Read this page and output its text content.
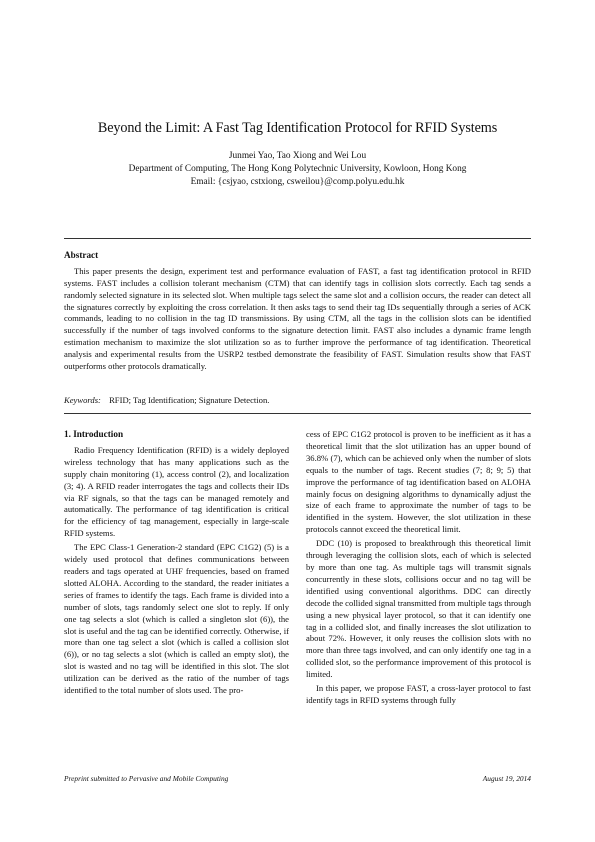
Beyond the Limit: A Fast Tag Identification Protocol for RFID Systems
Junmei Yao, Tao Xiong and Wei Lou
Department of Computing, The Hong Kong Polytechnic University, Kowloon, Hong Kong
Email: {csjyao, cstxiong, csweilou}@comp.polyu.edu.hk
Abstract
This paper presents the design, experiment test and performance evaluation of FAST, a fast tag identification protocol in RFID systems. FAST includes a collision tolerant mechanism (CTM) that can identify tags in collision slots correctly. Each tag sends a randomly selected signature in its selected slot. When multiple tags select the same slot and a collision occurs, the reader can detect all the signatures correctly by exploiting the cross correlation. It then asks tags to send their tag IDs sequentially through a series of ACK commands, leading to no collision in the tag ID transmissions. By using CTM, all the tags in the collision slots can be identified successfully if the number of tags involved conforms to the signature detection limit. FAST also includes a dynamic frame length estimation mechanism to maximize the slot utilization so as to further improve the performance of tag identification. Theoretical analysis and experimental results from the USRP2 testbed demonstrate the feasibility of FAST. Simulation results show that FAST outperforms other protocols dramatically.
Keywords: RFID; Tag Identification; Signature Detection.
1. Introduction

Radio Frequency Identification (RFID) is a widely deployed wireless technology that has many applications such as the supply chain monitoring (1), access control (2), and localization (3; 4). A RFID reader interrogates the tags and collects their IDs via RF signals, so that the tags can be managed remotely and automatically. The performance of tag identification is critical for the efficiency of tag management, especially in large-scale RFID systems.

The EPC Class-1 Generation-2 standard (EPC C1G2) (5) is a widely used protocol that defines communications between readers and tags operated at UHF frequencies, based on framed slotted ALOHA. According to the standard, the reader initiates a series of frames to identify the tags. Each frame is divided into a number of slots, tags randomly select one slot to reply. If only one tag selects a slot (which is called a singleton slot (6)), the slot is useful and the tag can be identified correctly. Otherwise, if more than one tag select a slot (which is called a collision slot (6)), or no tag selects a slot (which is called an empty slot), the slot is wasted and no tag will be identified in this slot. The slot utilization can be derived as the ratio of the number of tags identified to the total number of slots used. The pro-

cess of EPC C1G2 protocol is proven to be inefficient as it has a theoretical limit that the slot utilization has an upper bound of 36.8% (7), which can be achieved only when the number of slots equals to the number of tags. Recent studies (7; 8; 9; 5) that improve the performance of tag identification based on ALOHA mainly focus on designing algorithms to dynamically adjust the size of each frame to approximate the number of tags to be identified in the system. However, the slot utilization in these protocols cannot exceed the theoretical limit.

DDC (10) is proposed to breakthrough this theoretical limit through leveraging the collision slots, each of which is selected by more than one tag. As multiple tags will transmit signals concurrently in these slots, collisions occur and no tag will be identified using conventional algorithms. DDC can directly decode the collided signal transmitted from multiple tags through using a new physical layer protocol, so that it can identify one tag in a collided slot, and finally increases the slot utilization to about 72%. However, it only reuses the collision slots with no more than three tags involved, and can only identify one tag in a collided slot, so the performance improvement of this protocol is limited.

In this paper, we propose FAST, a cross-layer protocol to fast identify tags in RFID systems through fully

Preprint submitted to Pervasive and Mobile Computing	August 19, 2014
